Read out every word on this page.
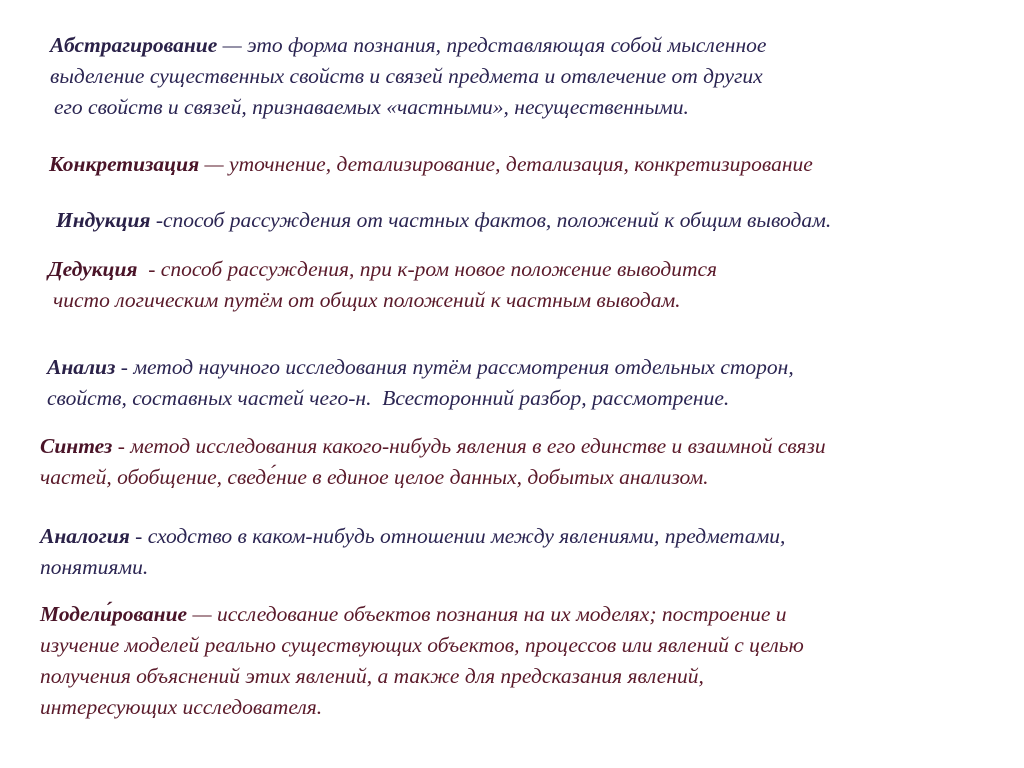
Абстрагирование — это форма познания, представляющая собой мысленное
выделение существенных свойств и связей предмета и отвлечение от других
его свойств и связей, признаваемых «частными», несущественными.

Конкретизация — уточнение, детализирование, детализация, конкретизирование

Индукция -способ рассуждения от частных фактов, положений к общим выводам.

Дедукция  - способ рассуждения, при к-ром новое положение выводится
чисто логическим путём от общих положений к частным выводам.

Анализ - метод научного исследования путём рассмотрения отдельных сторон,
свойств, составных частей чего-н.  Всесторонний разбор, рассмотрение.

Синтез - метод исследования какого-нибудь явления в его единстве и взаимной связи
частей, обобщение, сведе́ние в единое целое данных, добытых анализом.

Аналогия - сходство в каком-нибудь отношении между явлениями, предметами,
понятиями.

Модели́рование — исследование объектов познания на их моделях; построение и
изучение моделей реально существующих объектов, процессов или явлений с целью
получения объяснений этих явлений, а также для предсказания явлений,
интересующих исследователя.
